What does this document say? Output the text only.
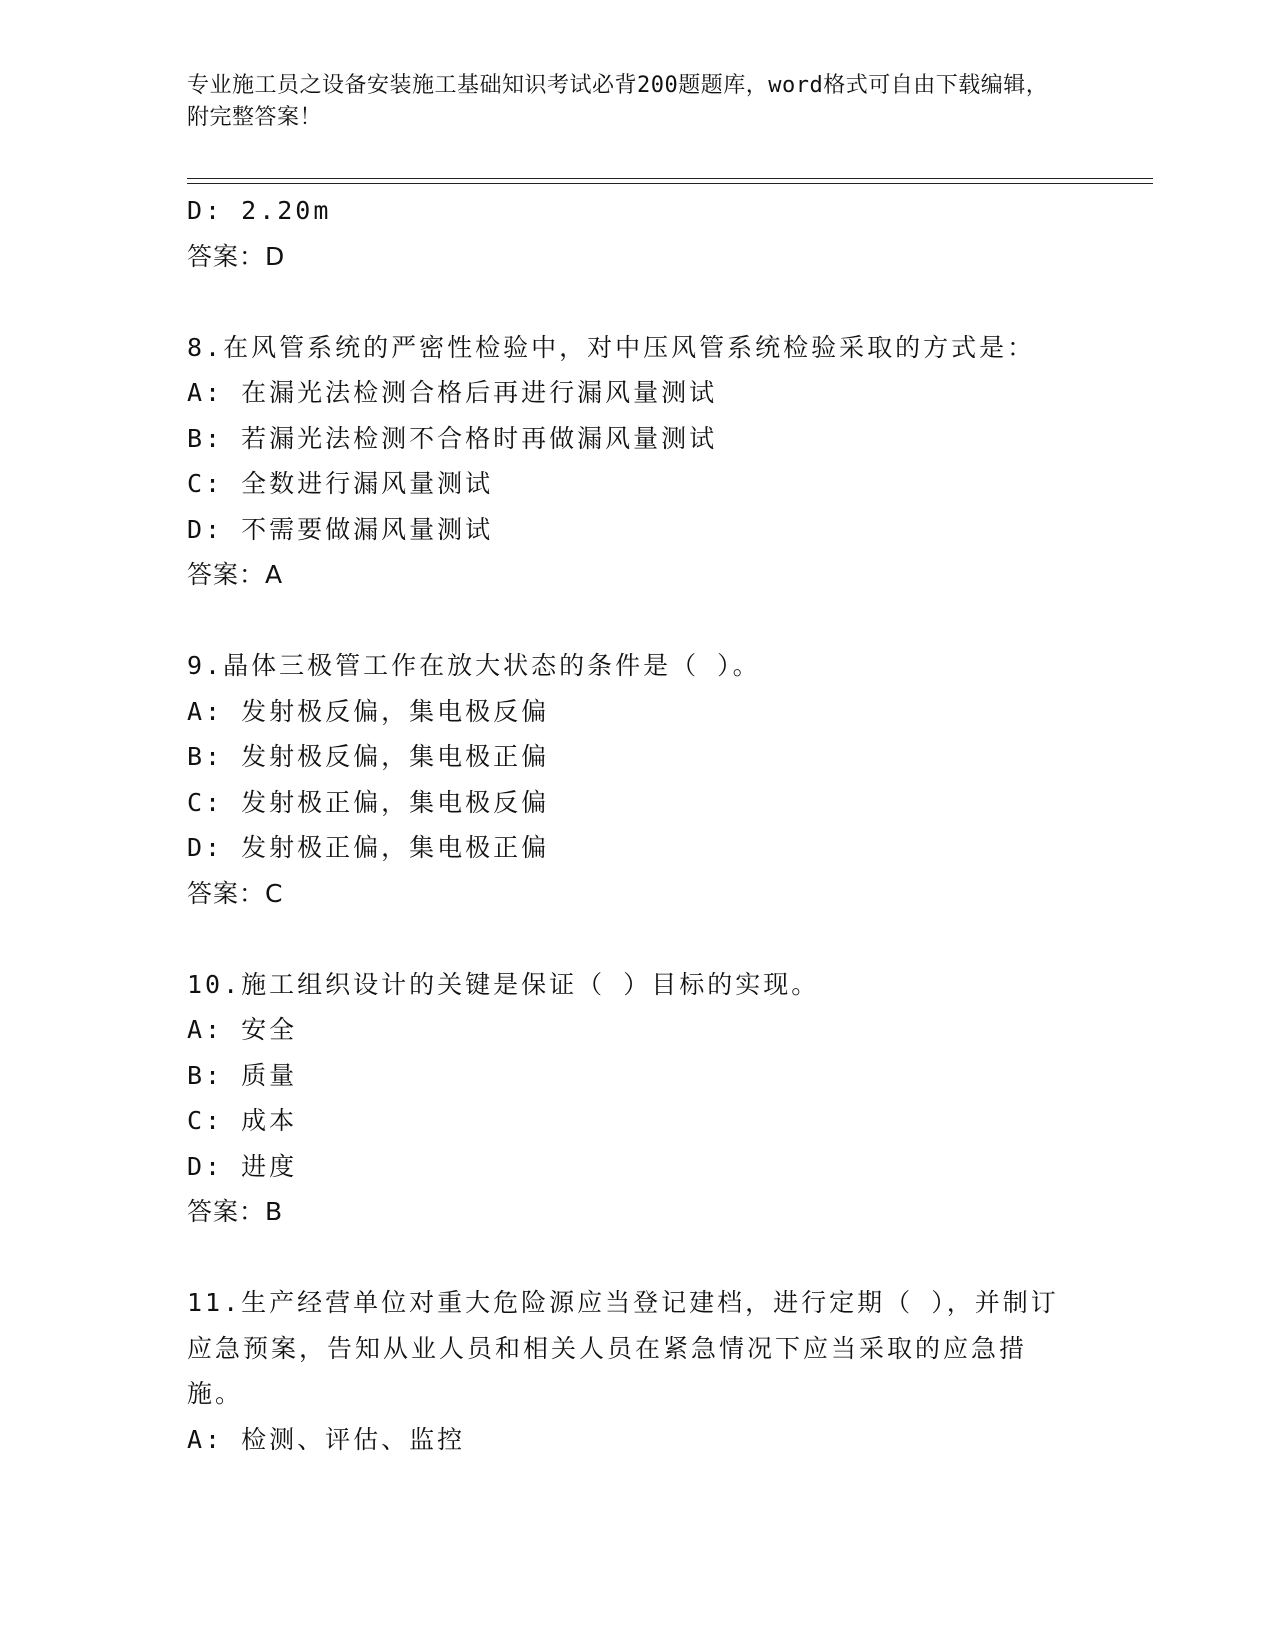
专业施工员之设备安装施工基础知识考试必背200题题库，word格式可自由下载编辑，附完整答案！
D: 2.20m
答案：D
8.在风管系统的严密性检验中，对中压风管系统检验采取的方式是：
A: 在漏光法检测合格后再进行漏风量测试
B: 若漏光法检测不合格时再做漏风量测试
C: 全数进行漏风量测试
D: 不需要做漏风量测试
答案：A
9.晶体三极管工作在放大状态的条件是（ ）。
A: 发射极反偏，集电极反偏
B: 发射极反偏，集电极正偏
C: 发射极正偏，集电极反偏
D: 发射极正偏，集电极正偏
答案：C
10.施工组织设计的关键是保证（ ）目标的实现。
A: 安全
B: 质量
C: 成本
D: 进度
答案：B
11.生产经营单位对重大危险源应当登记建档，进行定期（ ），并制订应急预案，告知从业人员和相关人员在紧急情况下应当采取的应急措施。
A: 检测、评估、监控
